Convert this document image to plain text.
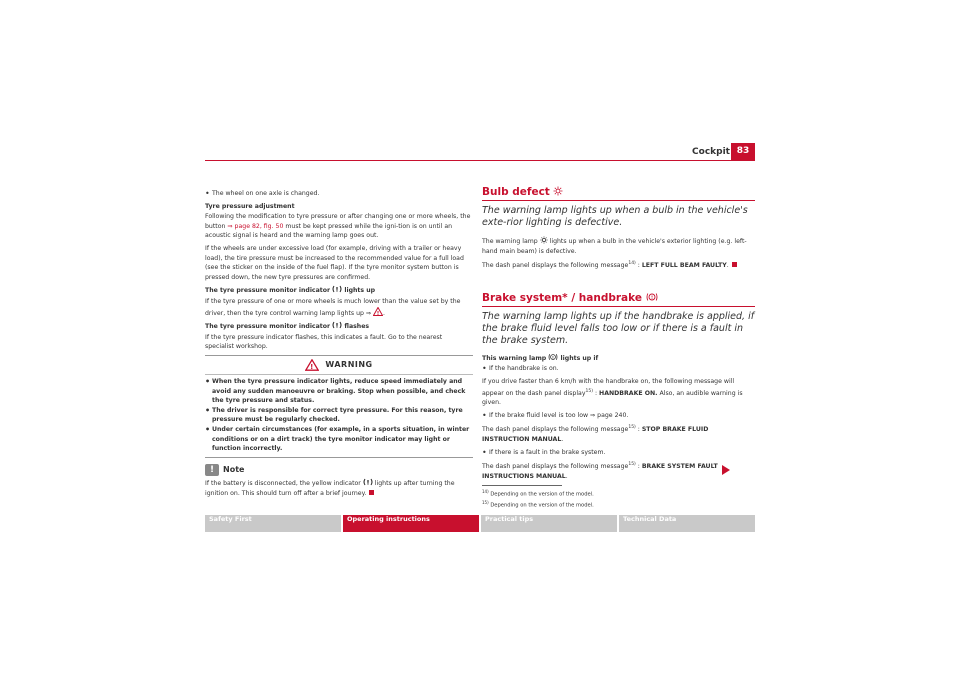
Cockpit 83
• The wheel on one axle is changed.

Tyre pressure adjustment

Following the modification to tyre pressure or after changing one or more wheels, the button ⇒ page 82, fig. 50 must be kept pressed while the igni-tion is on until an acoustic signal is heard and the warning lamp goes out.

If the wheels are under excessive load (for example, driving with a trailer or heavy load), the tire pressure must be increased to the recommended value for a full load (see the sticker on the inside of the fuel flap). If the tyre monitor system button is pressed down, the new tyre pressures are confirmed.

The tyre pressure monitor indicator ! lights up

If the tyre pressure of one or more wheels is much lower than the value set by the driver, then the tyre control warning lamp lights up ⇒ ! .

The tyre pressure monitor indicator ! flashes

If the tyre pressure indicator flashes, this indicates a fault. Go to the nearest specialist workshop.

! WARNING
• When the tyre pressure indicator lights, reduce speed immediately and avoid any sudden manoeuvre or braking. Stop when possible, and check the tyre pressure and status.
• The driver is responsible for correct tyre pressure. For this reason, tyre pressure must be regularly checked.
• Under certain circumstances (for example, in a sports situation, in winter conditions or on a dirt track) the tyre monitor indicator may light or function incorrectly.
!	Note

If the battery is disconnected, the yellow indicator ! lights up after turning the ignition on. This should turn off after a brief journey.

Bulb defect
The warning lamp lights up when a bulb in the vehicle's exte-rior lighting is defective.

The warning lamp lights up when a bulb in the vehicle's exterior lighting (e.g. left-hand main beam) is defective.

The dash panel displays the following message$^{14)}$ : LEFT FULL BEAM FAULTY.

Brake system* / handbrake !
The warning lamp lights up if the handbrake is applied, if the brake fluid level falls too low or if there is a fault in the brake system.

This warning lamp ! lights up if

• If the handbrake is on.

If you drive faster than 6 km/h with the handbrake on, the following message will appear on the dash panel display$^{15)}$ : HANDBRAKE ON. Also, an audible warning is given.

• If the brake fluid level is too low ⇒ page 240.

The dash panel displays the following message$^{15)}$ : STOP BRAKE FLUID INSTRUCTION MANUAL.

• If there is a fault in the brake system.

The dash panel displays the following message$^{15)}$ : BRAKE SYSTEM FAULT INSTRUCTIONS MANUAL.

$^{14)}$ Depending on the version of the model.
$^{15)}$ Depending on the version of the model.
Safety First	Operating instructions	Practical tips	Technical Data
